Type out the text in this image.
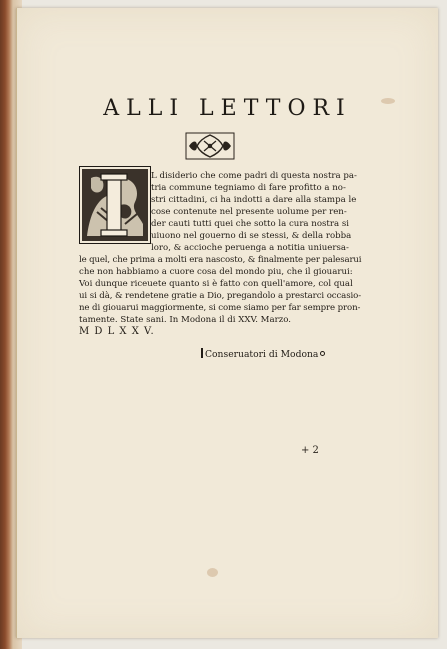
ALLI LETTORI
L disiderio che come padri di questa nostra pa-
tria commune tegniamo di fare profitto a no-
stri cittadini, ci ha indotti a dare alla stampa le
cose contenute nel presente uolume per ren-
der cauti tutti quei che sotto la cura nostra si
uiuono nel gouerno di se stessi, & della robba
loro, & accioche peruenga a notitia uniuersa-
le quel, che prima a molti era nascosto, & finalmente per palesarui
che non habbiamo a cuore cosa del mondo piu, che il giouarui:
Voi dunque riceuete quanto si è fatto con quell'amore, col qual
ui si dà, & rendetene gratie a Dio, pregandolo a prestarci occasio-
ne di giouarui maggiormente, si come siamo per far sempre pron-
tamente. State sani. In Modona il di XXV. Marzo.
M D L X X V.
Conseruatori di Modona
+ 2
